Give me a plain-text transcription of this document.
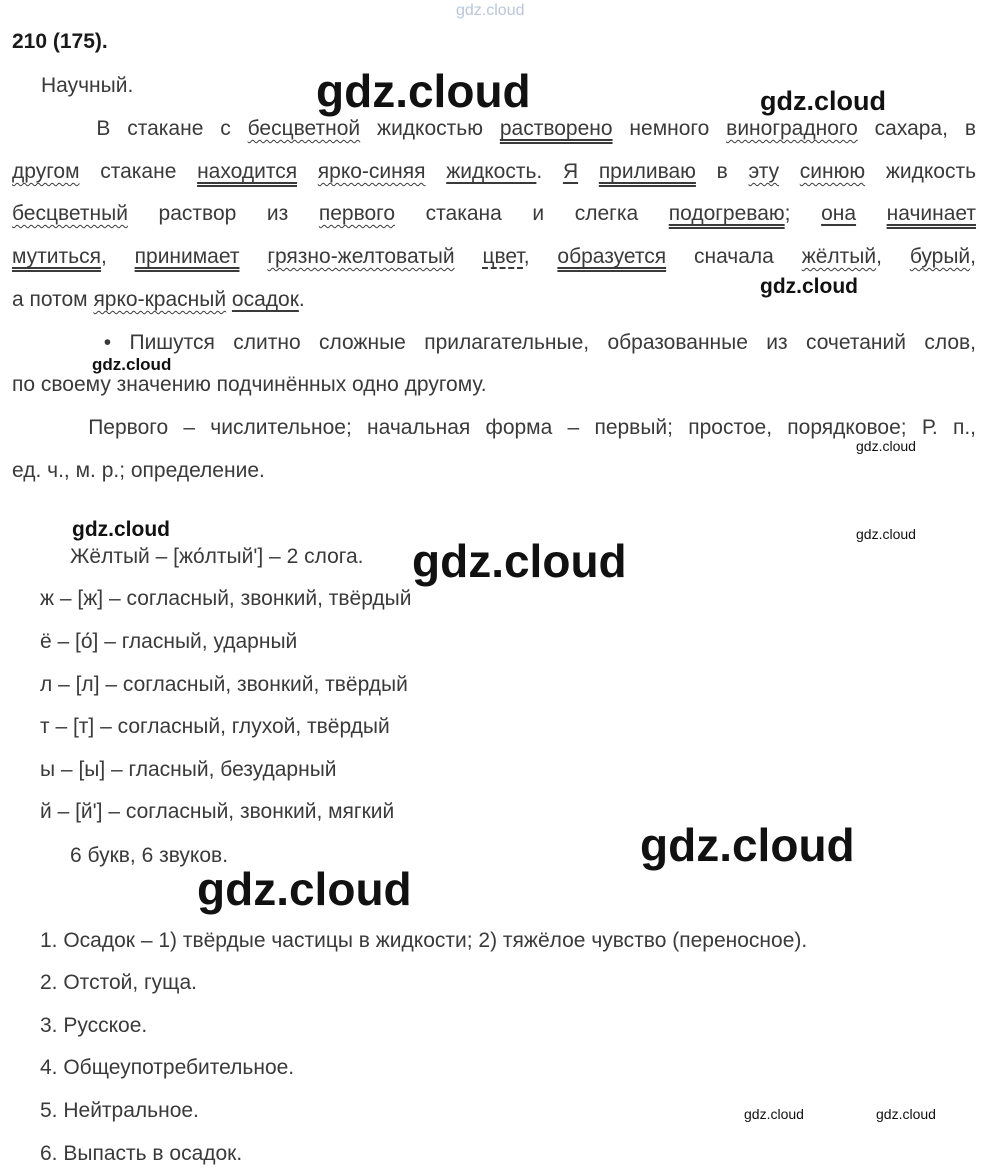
gdz.cloud
gdz.cloud	gdz.cloud
gdz.cloud
gdz.cloud
gdz.cloud
gdz.cloud	gdz.cloud
gdz.cloud
gdz.cloud
gdz.cloud
gdz.cloud	gdz.cloud
210 (175).
Научный.
В стакане с бесцветной жидкостью растворено немного виноградного сахара, в
другом стакане находится ярко-синяя жидкость. Я приливаю в эту синюю жидкость
бесцветный раствор из первого стакана и слегка подогреваю; она начинает
мутиться, принимает грязно-желтоватый цвет, образуется сначала жёлтый, бурый,
а потом ярко-красный осадок.
• Пишутся слитно сложные прилагательные, образованные из сочетаний слов,
по своему значению подчинённых одно другому.
Первого – числительное; начальная форма – первый; простое, порядковое; Р. п.,
ед. ч., м. р.; определение.
Жёлтый – [жо́лтый'] – 2 слога.
ж – [ж] – согласный, звонкий, твёрдый
ё – [о́] – гласный, ударный
л – [л] – согласный, звонкий, твёрдый
т – [т] – согласный, глухой, твёрдый
ы – [ы] – гласный, безударный
й – [й'] – согласный, звонкий, мягкий
6 букв, 6 звуков.
1. Осадок – 1) твёрдые частицы в жидкости; 2) тяжёлое чувство (переносное).
2. Отстой, гуща.
3. Русское.
4. Общеупотребительное.
5. Нейтральное.
6. Выпасть в осадок.
